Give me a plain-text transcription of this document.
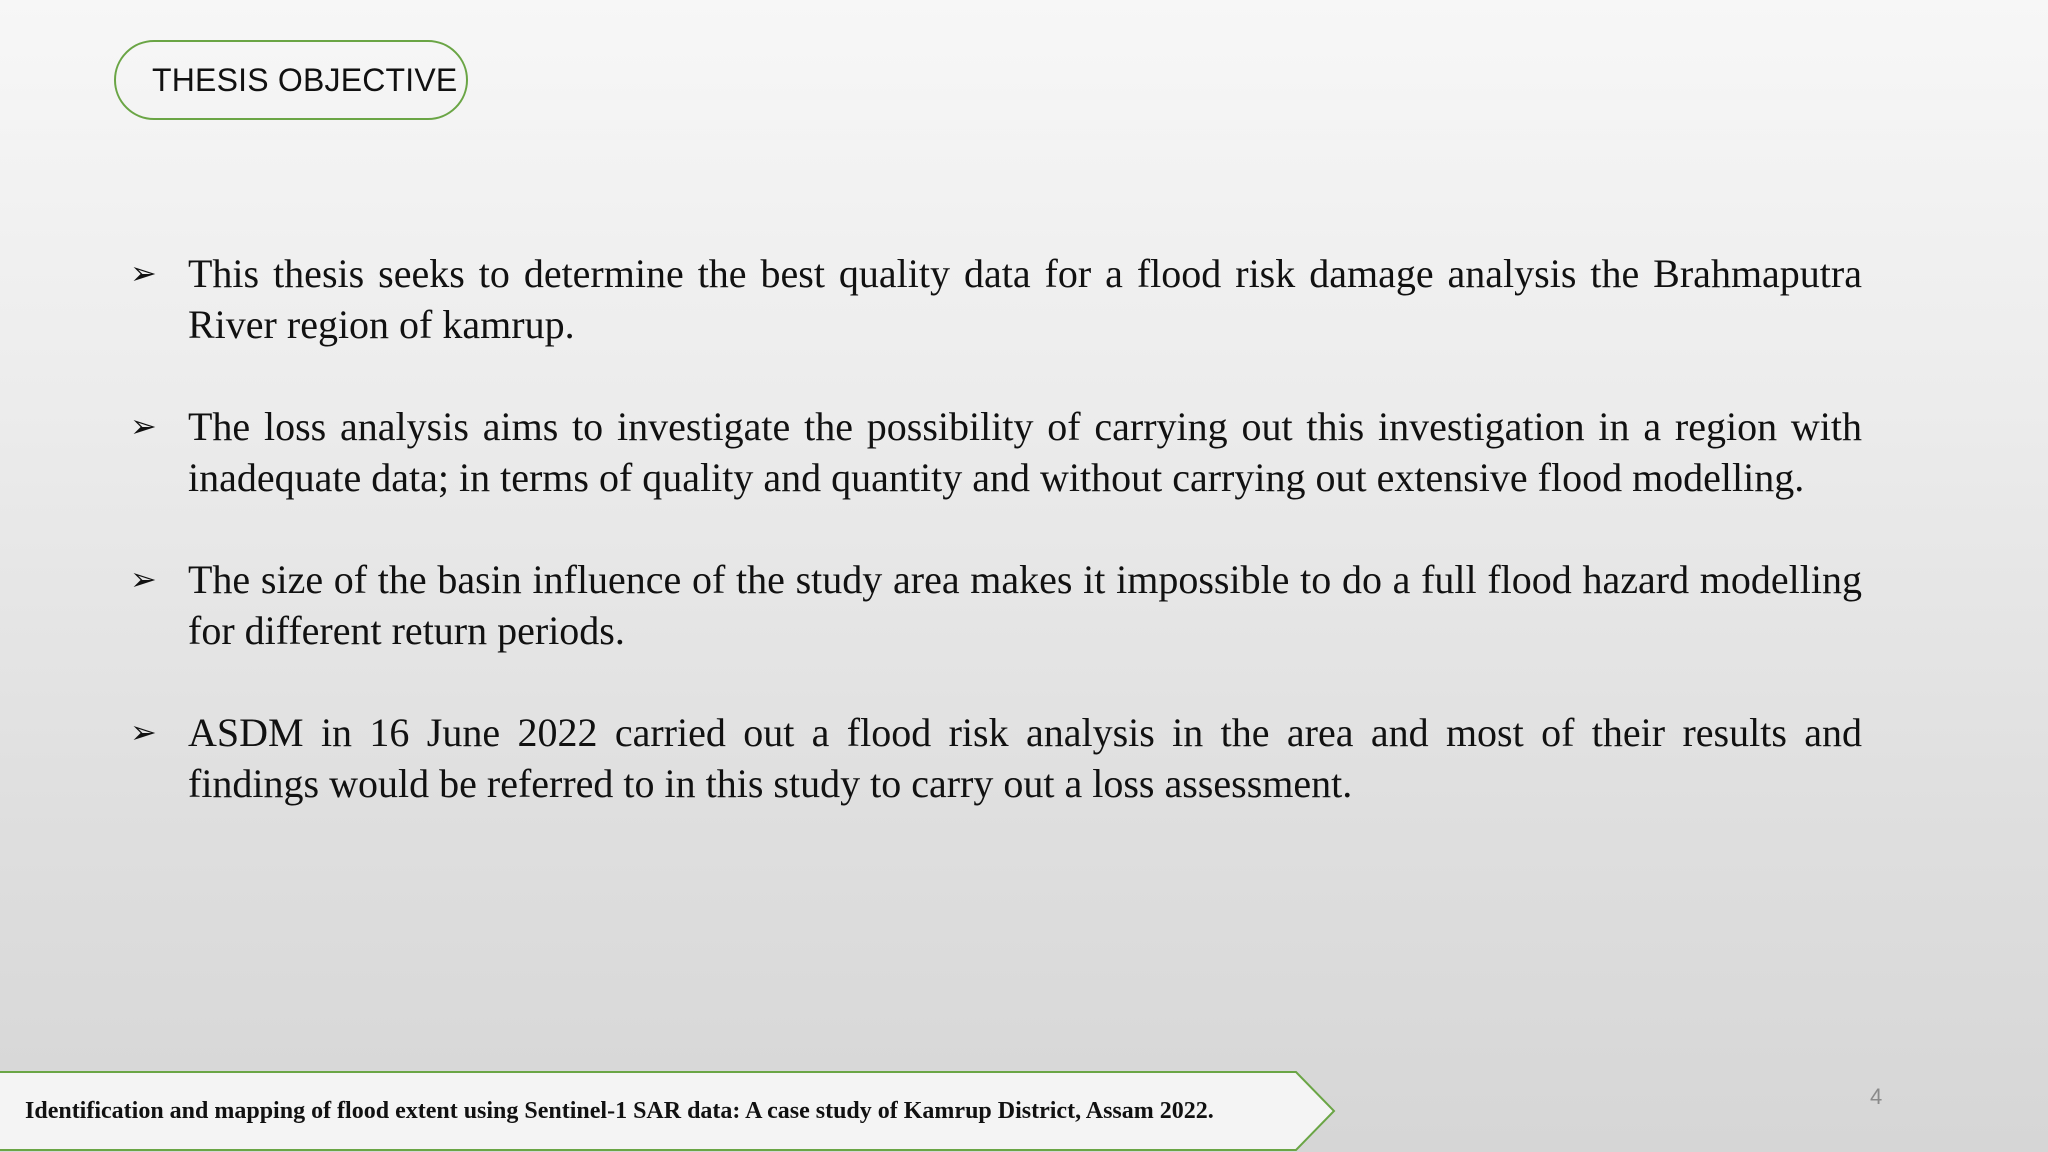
THESIS OBJECTIVE
➢ This thesis seeks to determine the best quality data for a flood risk damage analysis the Brahmaputra River region of kamrup.
➢ The loss analysis aims to investigate the possibility of carrying out this investigation in a region with inadequate data; in terms of quality and quantity and without carrying out extensive flood modelling.
➢ The size of the basin influence of the study area makes it impossible to do a full flood hazard modelling for different return periods.
➢ ASDM in 16 June 2022 carried out a flood risk analysis in the area and most of their results and findings would be referred to in this study to carry out a loss assessment.
Identification and mapping of flood extent using Sentinel-1 SAR data: A case study of Kamrup District, Assam 2022.
4
